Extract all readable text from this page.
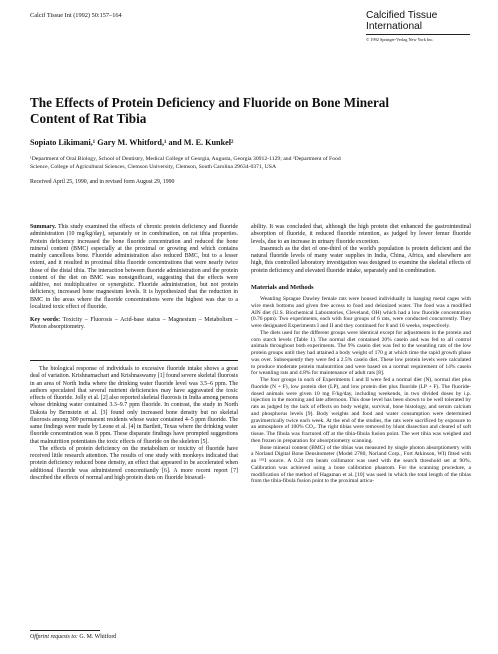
Calcif Tissue Int (1992) 50:157–164	Calcified Tissue
International
© 1992 Springer-Verlag New York Inc.
The Effects of Protein Deficiency and Fluoride on Bone Mineral
Content of Rat Tibia
Sopiato Likimani,¹ Gary M. Whitford,¹ and M. E. Kunkel²
¹Department of Oral Biology, School of Dentistry, Medical College of Georgia, Augusta, Georgia 30912-1129; and ²Department of Food
Science, College of Agricultural Sciences, Clemson University, Clemson, South Carolina 29634-0371, USA
Received April 25, 1990, and in revised form August 29, 1990

Summary. This study examined the effects of chronic protein deficiency and fluoride administration (10 mg/kg/day), separately or in combination, on rat tibia properties. Protein deficiency increased the bone fluoride concentration and reduced the bone mineral content (BMC) especially at the proximal or growing end which contains mainly cancellous bone. Fluoride administration also reduced BMC, but to a lesser extent, and it resulted in proximal tibia fluoride concentrations that were nearly twice those of the distal tibia. The interaction between fluoride administration and the protein content of the diet on BMC was nonsignificant, suggesting that the effects were additive, not multiplicative or synergistic. Fluoride administration, but not protein deficiency, increased bone magnesium levels. It is hypothesized that the reduction in BMC in the areas where the fluoride concentrations were the highest was due to a localized toxic effect of fluoride.

Key words: Toxicity – Fluorosis – Acid-base status – Magnesium – Metabolism – Photon absorptiometry.

The biological response of individuals to excessive fluoride intake shows a great deal of variation. Krishnamachari and Krishnaswamy [1] found severe skeletal fluorosis in an area of North India where the drinking water fluoride level was 3.5–6 ppm. The authors speculated that several nutrient deficiencies may have aggravated the toxic effects of fluoride. Jolly et al. [2] also reported skeletal fluorosis in India among persons whose drinking water contained 3.3–9.7 ppm fluoride. In contrast, the study in North Dakota by Bernstein et al. [3] found only increased bone density but no skeletal fluorosis among 300 permanent residents whose water contained 4–5 ppm fluoride. The same findings were made by Leone et al. [4] in Bartlett, Texas where the drinking water fluoride concentration was 8 ppm. These disparate findings have prompted suggestions that malnutrition potentiates the toxic effects of fluoride on the skeleton [5].

The effects of protein deficiency on the metabolism or toxicity of fluoride have received little research attention. The results of one study with monkeys indicated that protein deficiency reduced bone density, an effect that appeared to be accelerated when additional fluoride was administered concomitantly [6]. A more recent report [7] described the effects of normal and high protein diets on fluoride bioavail-

Offprint requests to: G. M. Whitford

ability. It was concluded that, although the high protein diet enhanced the gastrointestinal absorption of fluoride, it reduced fluoride retention, as judged by lower femur fluoride levels, due to an increase in urinary fluoride excretion.

Inasmuch as the diet of one-third of the world's population is protein deficient and the natural fluoride levels of many water supplies in India, China, Africa, and elsewhere are high, this controlled laboratory investigation was designed to examine the skeletal effects of protein deficiency and elevated fluoride intake, separately and in combination.

Materials and Methods

Weanling Sprague Dawley female rats were housed individually in hanging metal cages with wire mesh bottoms and given free access to food and deionized water. The food was a modified AIN diet (U.S. Biochemical Laboratories, Cleveland, OH) which had a low fluoride concentration (0.76 ppm). Two experiments, each with four groups of 6 rats, were conducted concurrently. They were designated Experiments I and II and they continued for 8 and 16 weeks, respectively.

The diets used for the different groups were identical except for adjustments in the protein and corn starch levels (Table 1). The normal diet contained 20% casein and was fed to all control animals throughout both experiments. The 9% casein diet was fed to the weanling rats of the low protein groups until they had attained a body weight of 170 g at which time the rapid growth phase was over. Subsequently they were fed a 2.5% casein diet. These low protein levels were calculated to produce moderate protein malnutrition and were based on a normal requirement of 14% casein for weanling rats and 4.8% for maintenance of adult rats [8].

The four groups in each of Experiments I and II were fed a normal diet (N), normal diet plus fluoride (N + F), low protein diet (LP), and low protein diet plus fluoride (LP + F). The fluoride-dosed animals were given 10 mg F/kg/day, including weekends, in two divided doses by i.p. injection in the morning and late afternoon. This dose level has been shown to be well tolerated by rats as judged by the lack of effects on body weight, survival, bone histology, and serum calcium and phosphorus levels [9]. Body weights and food and water consumption were determined gravimetrically twice each week. At the end of the studies, the rats were sacrificed by exposure to an atmosphere of 100% CO₂. The right tibias were removed by blunt dissection and cleared of soft tissue. The fibula was fractured off at the tibia-fibula fusion point. The wet tibia was weighed and then frozen in preparation for absorptiometry scanning.

Bone mineral content (BMC) of the tibias was measured by single photon absorptiometry with a Norland Digital Bone Densitometer (Model 2780, Norland Corp., Fort Atkinson, WI) fitted with an ¹²⁵I source. A 0.24 cm beam collimator was used with the search threshold set at 90%. Calibration was achieved using a bone calibration phantom. For the scanning procedure, a modification of the method of Hagaman et al. [10] was used in which the total length of the tibias from the tibia-fibula fusion point to the proximal articu-
